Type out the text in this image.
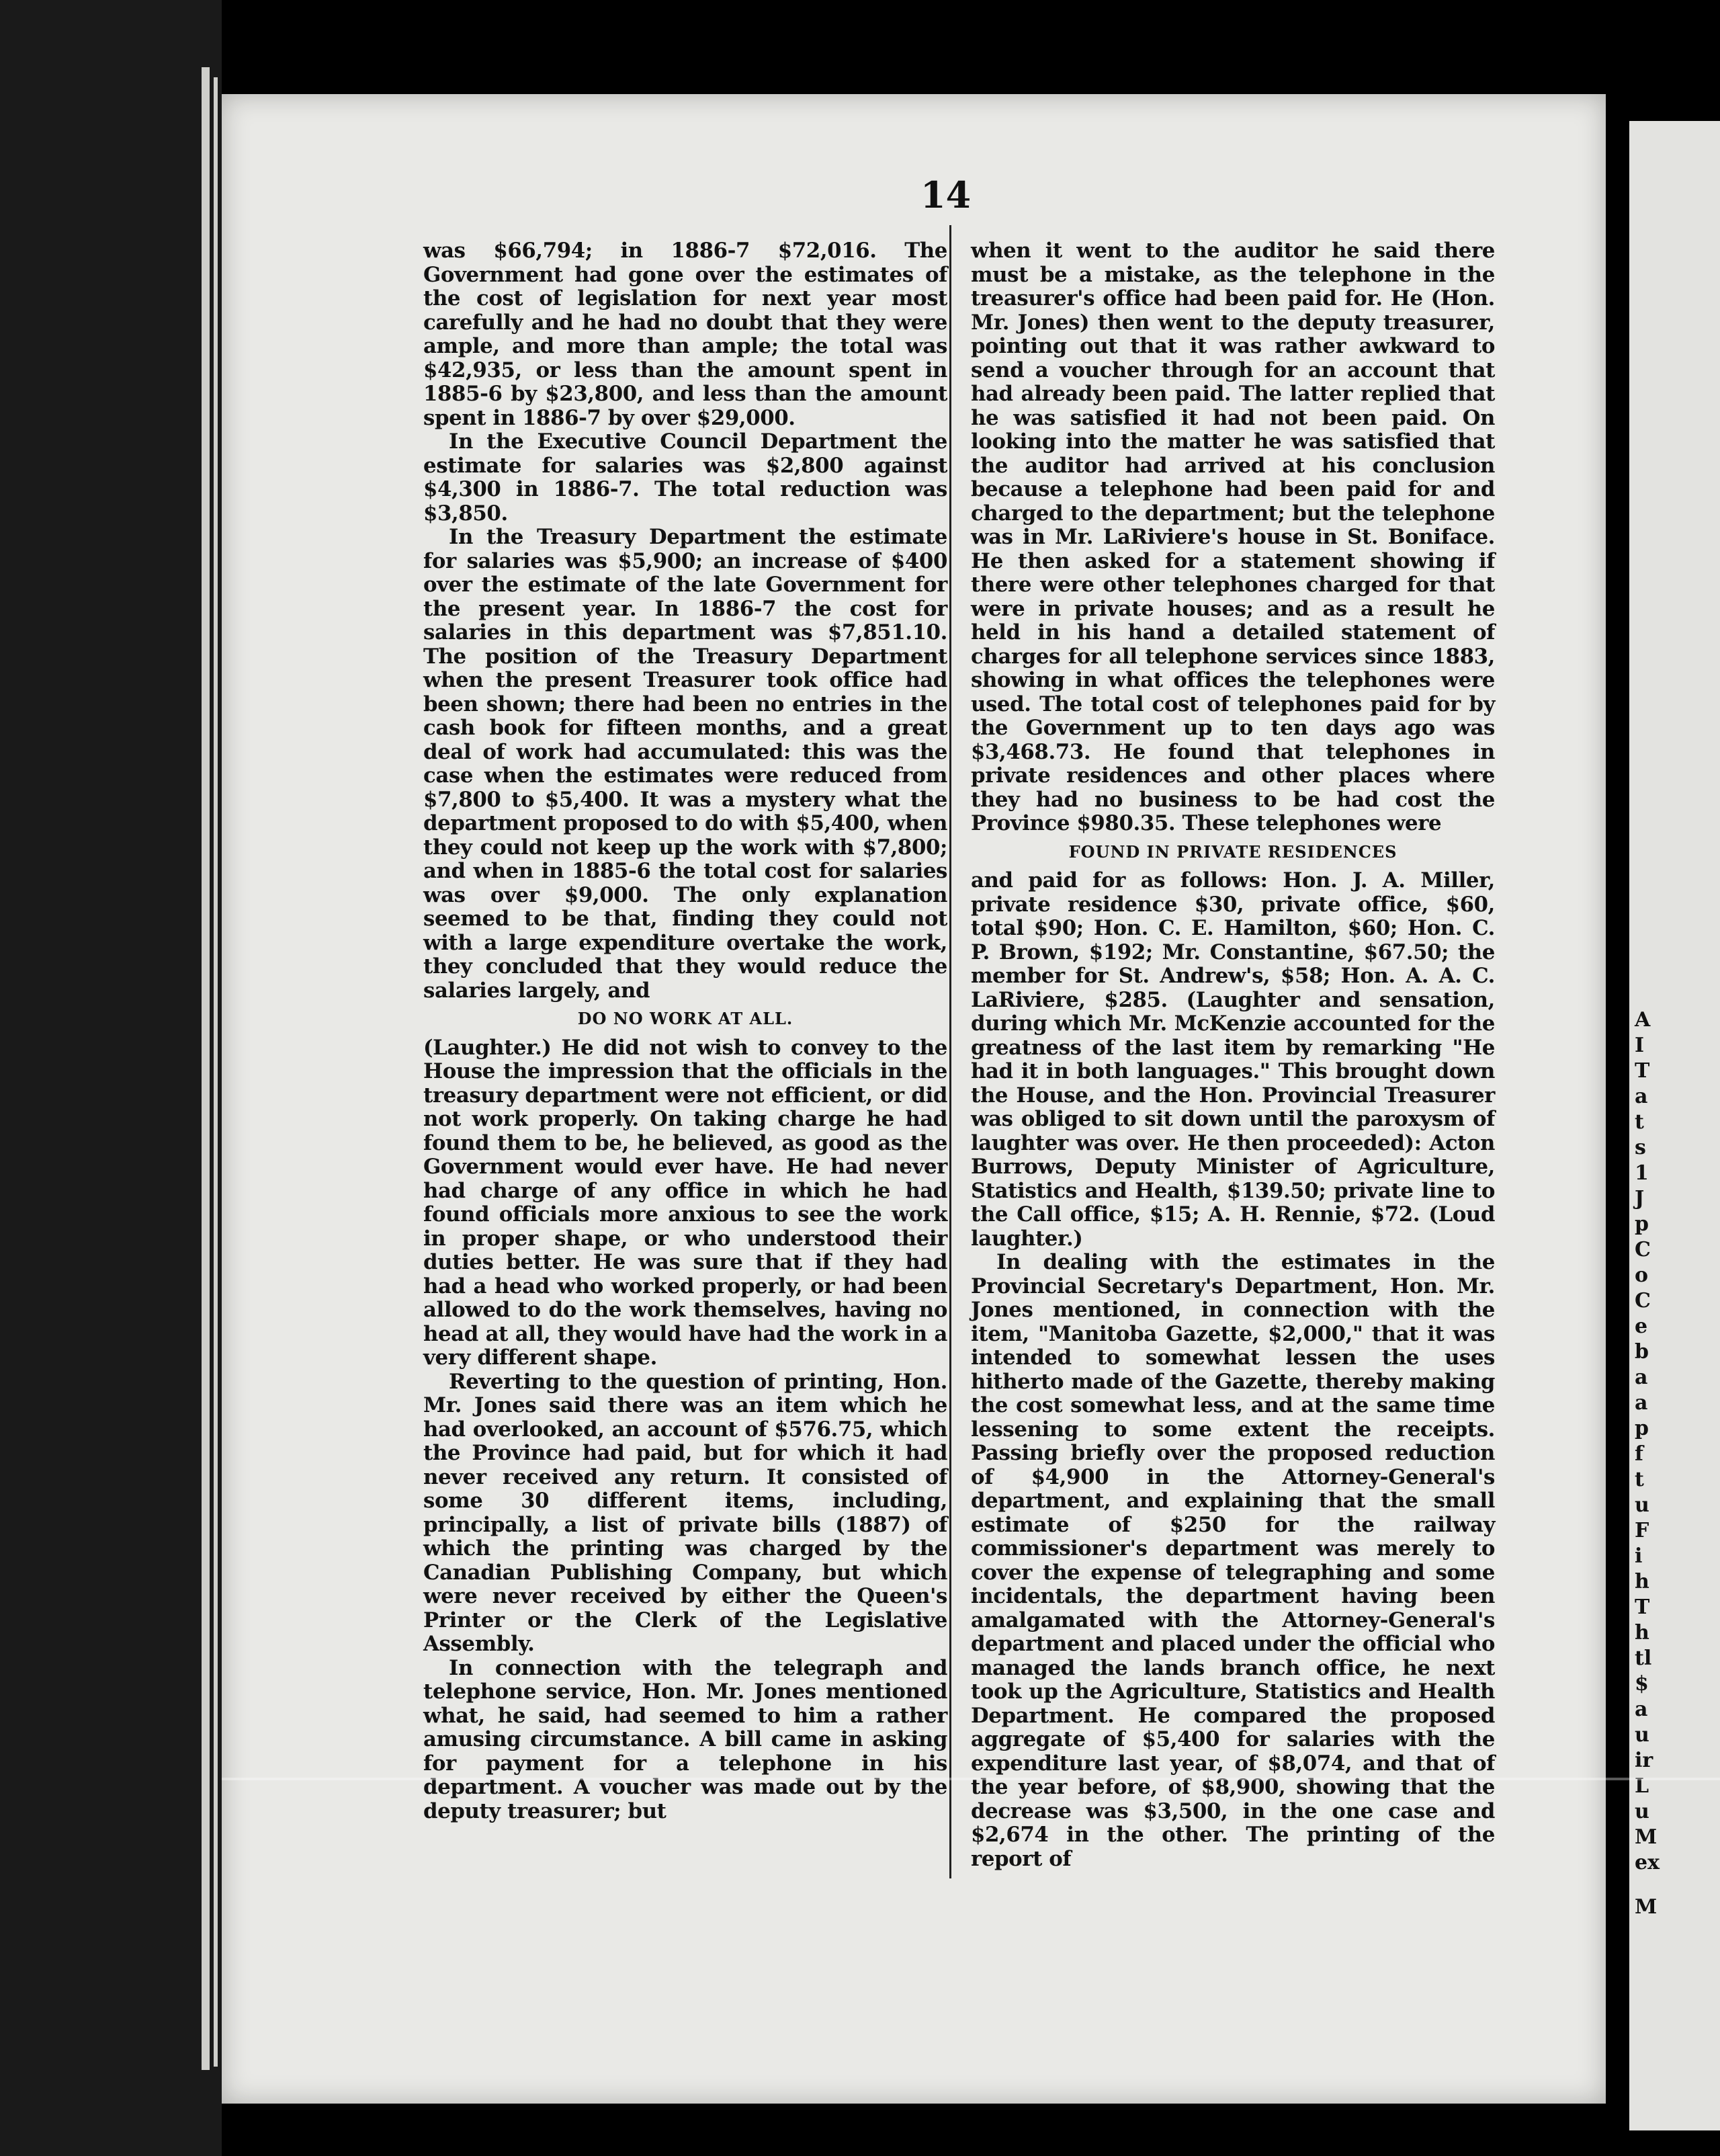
14

was $66,794; in 1886-7 $72,016. The Government had gone over the estimates of the cost of legislation for next year most carefully and he had no doubt that they were ample, and more than ample; the total was $42,935, or less than the amount spent in 1885-6 by $23,800, and less than the amount spent in 1886-7 by over $29,000.

In the Executive Council Department the estimate for salaries was $2,800 against $4,300 in 1886-7. The total reduction was $3,850.

In the Treasury Department the estimate for salaries was $5,900; an increase of $400 over the estimate of the late Government for the present year. In 1886-7 the cost for salaries in this department was $7,851.10. The position of the Treasury Department when the present Treasurer took office had been shown; there had been no entries in the cash book for fifteen months, and a great deal of work had accumulated: this was the case when the estimates were reduced from $7,800 to $5,400. It was a mystery what the department proposed to do with $5,400, when they could not keep up the work with $7,800; and when in 1885-6 the total cost for salaries was over $9,000. The only explanation seemed to be that, finding they could not with a large expenditure overtake the work, they concluded that they would reduce the salaries largely, and

DO NO WORK AT ALL.

(Laughter.) He did not wish to convey to the House the impression that the officials in the treasury department were not efficient, or did not work properly. On taking charge he had found them to be, he believed, as good as the Government would ever have. He had never had charge of any office in which he had found officials more anxious to see the work in proper shape, or who understood their duties better. He was sure that if they had had a head who worked properly, or had been allowed to do the work themselves, having no head at all, they would have had the work in a very different shape.

Reverting to the question of printing, Hon. Mr. Jones said there was an item which he had overlooked, an account of $576.75, which the Province had paid, but for which it had never received any return. It consisted of some 30 different items, including, principally, a list of private bills (1887) of which the printing was charged by the Canadian Publishing Company, but which were never received by either the Queen's Printer or the Clerk of the Legislative Assembly.

In connection with the telegraph and telephone service, Hon. Mr. Jones mentioned what, he said, had seemed to him a rather amusing circumstance. A bill came in asking for payment for a telephone in his department. A voucher was made out by the deputy treasurer; but

when it went to the auditor he said there must be a mistake, as the telephone in the treasurer's office had been paid for. He (Hon. Mr. Jones) then went to the deputy treasurer, pointing out that it was rather awkward to send a voucher through for an account that had already been paid. The latter replied that he was satisfied it had not been paid. On looking into the matter he was satisfied that the auditor had arrived at his conclusion because a telephone had been paid for and charged to the department; but the telephone was in Mr. LaRiviere's house in St. Boniface. He then asked for a statement showing if there were other telephones charged for that were in private houses; and as a result he held in his hand a detailed statement of charges for all telephone services since 1883, showing in what offices the telephones were used. The total cost of telephones paid for by the Government up to ten days ago was $3,468.73. He found that telephones in private residences and other places where they had no business to be had cost the Province $980.35. These telephones were

FOUND IN PRIVATE RESIDENCES

and paid for as follows: Hon. J. A. Miller, private residence $30, private office, $60, total $90; Hon. C. E. Hamilton, $60; Hon. C. P. Brown, $192; Mr. Constantine, $67.50; the member for St. Andrew's, $58; Hon. A. A. C. LaRiviere, $285. (Laughter and sensation, during which Mr. McKenzie accounted for the greatness of the last item by remarking "He had it in both languages." This brought down the House, and the Hon. Provincial Treasurer was obliged to sit down until the paroxysm of laughter was over. He then proceeded): Acton Burrows, Deputy Minister of Agriculture, Statistics and Health, $139.50; private line to the Call office, $15; A. H. Rennie, $72. (Loud laughter.)

In dealing with the estimates in the Provincial Secretary's Department, Hon. Mr. Jones mentioned, in connection with the item, "Manitoba Gazette, $2,000," that it was intended to somewhat lessen the uses hitherto made of the Gazette, thereby making the cost somewhat less, and at the same time lessening to some extent the receipts. Passing briefly over the proposed reduction of $4,900 in the Attorney-General's department, and explaining that the small estimate of $250 for the railway commissioner's department was merely to cover the expense of telegraphing and some incidentals, the department having been amalgamated with the Attorney-General's department and placed under the official who managed the lands branch office, he next took up the Agriculture, Statistics and Health Department. He compared the proposed aggregate of $5,400 for salaries with the expenditure last year, of $8,074, and that of the year before, of $8,900, showing that the decrease was $3,500, in the one case and $2,674 in the other. The printing of the report of

A
I
T
a
t
s
1
J
p
C
o
C
e
b
a
a
p
f
t
u
F
i
h
T
h
tl
$
a
u
ir
L
u
M
ex
M
